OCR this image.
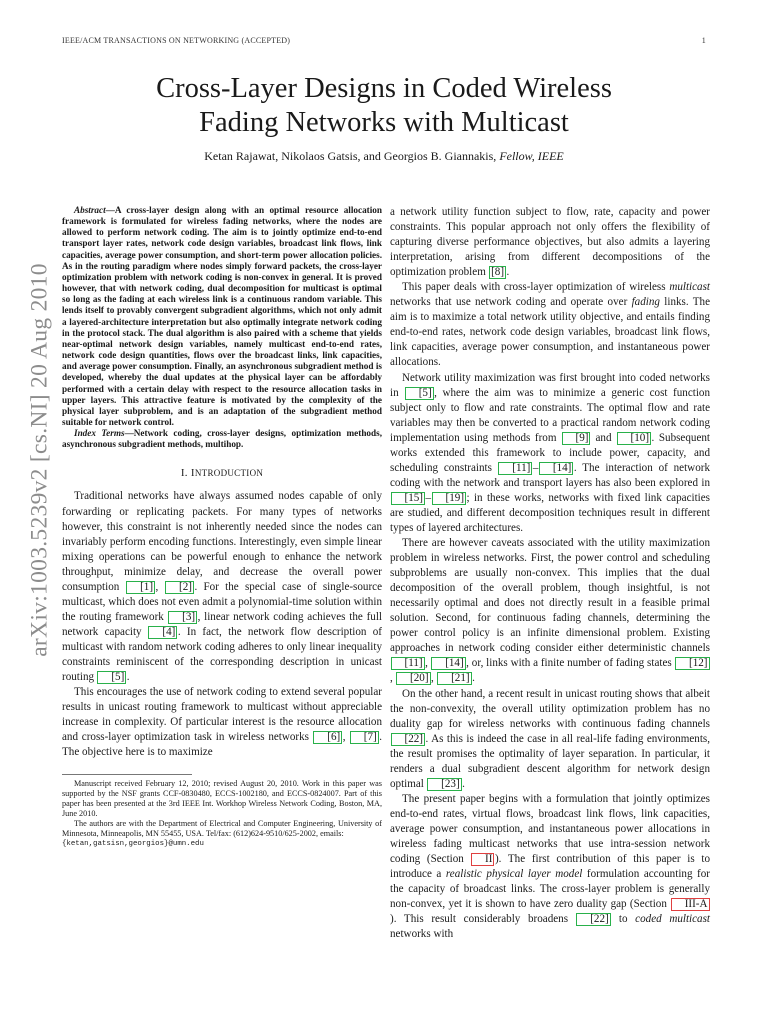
IEEE/ACM TRANSACTIONS ON NETWORKING (ACCEPTED)	1
arXiv:1003.5239v2 [cs.NI] 20 Aug 2010
Cross-Layer Designs in Coded Wireless
Fading Networks with Multicast
Ketan Rajawat, Nikolaos Gatsis, and Georgios B. Giannakis, Fellow, IEEE

Abstract—A cross-layer design along with an optimal resource allocation framework is formulated for wireless fading networks, where the nodes are allowed to perform network coding. The aim is to jointly optimize end-to-end transport layer rates, network code design variables, broadcast link flows, link capacities, average power consumption, and short-term power allocation policies. As in the routing paradigm where nodes simply forward packets, the cross-layer optimization problem with network coding is non-convex in general. It is proved however, that with network coding, dual decomposition for multicast is optimal so long as the fading at each wireless link is a continuous random variable. This lends itself to provably convergent subgradient algorithms, which not only admit a layered-architecture interpretation but also optimally integrate network coding in the protocol stack. The dual algorithm is also paired with a scheme that yields near-optimal network design variables, namely multicast end-to-end rates, network code design quantities, flows over the broadcast links, link capacities, and average power consumption. Finally, an asynchronous subgradient method is developed, whereby the dual updates at the physical layer can be affordably performed with a certain delay with respect to the resource allocation tasks in upper layers. This attractive feature is motivated by the complexity of the physical layer subproblem, and is an adaptation of the subgradient method suitable for network control.

Index Terms—Network coding, cross-layer designs, optimization methods, asynchronous subgradient methods, multihop.

I. INTRODUCTION

Traditional networks have always assumed nodes capable of only forwarding or replicating packets. For many types of networks however, this constraint is not inherently needed since the nodes can invariably perform encoding functions. Interestingly, even simple linear mixing operations can be powerful enough to enhance the network throughput, minimize delay, and decrease the overall power consumption [1] , [2] . For the special case of single-source multicast, which does not even admit a polynomial-time solution within the routing framework [3] , linear network coding achieves the full network capacity [4] . In fact, the network flow description of multicast with random network coding adheres to only linear inequality constraints reminiscent of the corresponding description in unicast routing [5] .

This encourages the use of network coding to extend several popular results in unicast routing framework to multicast without appreciable increase in complexity. Of particular interest is the resource allocation and cross-layer optimization task in wireless networks [6] , [7] . The objective here is to maximize

Manuscript received February 12, 2010; revised August 20, 2010. Work in this paper was supported by the NSF grants CCF-0830480, ECCS-1002180, and ECCS-0824007. Part of this paper has been presented at the 3rd IEEE Int. Workhop Wireless Network Coding, Boston, MA, June 2010.

The authors are with the Department of Electrical and Computer Engineering, University of Minnesota, Minneapolis, MN 55455, USA. Tel/fax: (612)624-9510/625-2002, emails:

{ketan,gatsisn,georgios}@umn.edu

a network utility function subject to flow, rate, capacity and power constraints. This popular approach not only offers the flexibility of capturing diverse performance objectives, but also admits a layering interpretation, arising from different decompositions of the optimization problem [8] .

This paper deals with cross-layer optimization of wireless multicast networks that use network coding and operate over fading links. The aim is to maximize a total network utility objective, and entails finding end-to-end rates, network code design variables, broadcast link flows, link capacities, average power consumption, and instantaneous power allocations.

Network utility maximization was first brought into coded networks in [5] , where the aim was to minimize a generic cost function subject only to flow and rate constraints. The optimal flow and rate variables may then be converted to a practical random network coding implementation using methods from [9] and [10] . Subsequent works extended this framework to include power, capacity, and scheduling constraints [11] – [14] . The interaction of network coding with the network and transport layers has also been explored in [15] – [19] ; in these works, networks with fixed link capacities are studied, and different decomposition techniques result in different types of layered architectures.

There are however caveats associated with the utility maximization problem in wireless networks. First, the power control and scheduling subproblems are usually non-convex. This implies that the dual decomposition of the overall problem, though insightful, is not necessarily optimal and does not directly result in a feasible primal solution. Second, for continuous fading channels, determining the power control policy is an infinite dimensional problem. Existing approaches in network coding consider either deterministic channels [11] , [14] , or, links with a finite number of fading states [12], [20] , [21] .

On the other hand, a recent result in unicast routing shows that albeit the non-convexity, the overall utility optimization problem has no duality gap for wireless networks with continuous fading channels [22] . As this is indeed the case in all real-life fading environments, the result promises the optimality of layer separation. In particular, it renders a dual subgradient descent algorithm for network design optimal [23] .

The present paper begins with a formulation that jointly optimizes end-to-end rates, virtual flows, broadcast link flows, link capacities, average power consumption, and instantaneous power allocations in wireless fading multicast networks that use intra-session network coding (Section II ). The first contribution of this paper is to introduce a realistic physical layer model formulation accounting for the capacity of broadcast links. The cross-layer problem is generally non-convex, yet it is shown to have zero duality gap (Section III-A). This result considerably broadens [22] to coded multicast networks with
